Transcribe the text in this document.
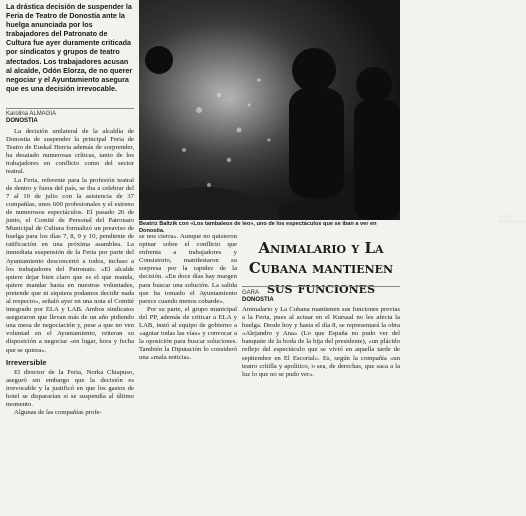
La drástica decisión de suspender la Feria de Teatro de Donostia ante la huelga anunciada por los trabajadores del Patronato de Cultura fue ayer duramente criticada por sindicatos y grupos de teatro afectados. Los trabajadores acusan al alcalde, Odón Elorza, de no querer negociar y el Ayuntamiento asegura que es una decisión irrevocable.
Karolina ALMAGIA
DONOSTIA

La decisión unilateral de la alcaldía de Donostia de suspender la principal Feria de Teatro de Euskal Herria además de sorprender, ha desatado numerosas críticas, tanto de los trabajadores en conflicto como del sector teatral.

La Feria, referente para la profesión teatral de dentro y fuera del país, se iba a celebrar del 7 al 10 de julio con la asistencia de 37 compañías, unos 600 profesionales y el estreno de numerosos espectáculos. El pasado 26 de junio, el Comité de Personal del Patronato Municipal de Cultura formalizó un preaviso de huelga para los días 7, 8, 9 y 10, pendiente de ratificación en una próxima asamblea. La inmediata suspensión de la Feria por parte del Ayuntamiento desconcertó a todos, incluso a los trabajadores del Patronato. «El alcalde quiere dejar bien claro que es el que manda, quiere mandar hasta en nuestras voluntades, pretende que ni siquiera podamos decidir nada al respecto», señaló ayer en una nota el Comité integrado por ELA y LAB. Ambos sindicatos aseguraron que llevan más de un año pidiendo una mesa de negociación y, pese a que no ven voluntad en el Ayuntamiento, reiteran su disposición a negociar «en lugar, hora y fecha que se quiera».

Irreversible

El director de la Feria, Norka Chiapuso, aseguró sin embargo que la decisión es irrevocable y la justificó en que los gastos de hotel se dispararían si se suspendía al último momento.

Algunas de las compañías profe-

Jesús GANDULLAS
Beatriz Baltzik con «Los tambaleos de leo», uno de los espectáculos que se iban a ver en Donostia.

se nos cierra». Aunque no quisieron opinar sobre el conflicto que enfrenta a trabajadores y Consistorio, manifestaron su sorpresa por la rapidez de la decisión. «En doce días hay margen para buscar una solución. La salida que ha tomado el Ayuntamiento parece cuando menos cobarde».

Por su parte, el grupo municipal del PP, además de criticar a ELA y LAB, instó al equipo de gobierno a «agotar todas las vías» y convocar a la oposición para buscar soluciones. También la Diputación lo consideró una «mala noticia».

Animalario y La Cubana mantienen sus funciones
GARA
DONOSTIA

Animalario y La Cubana mantienen sus funciones previas a la Feria, pues al actuar en el Kursaal no les afecta la huelga. Desde hoy y hasta el día 8, se representará la obra «Alejandro y Ana» (Lo que España no pudo ver del banquete de la boda de la hija del presidente), «un plácido reflejo del espectáculo que se vivió en aquella tarde de septiembre en El Escorial». Es, según la compañía «un teatro crítilla y apolítico, o sea, de derechas, que saca a la luz lo que no se pudo ver».
